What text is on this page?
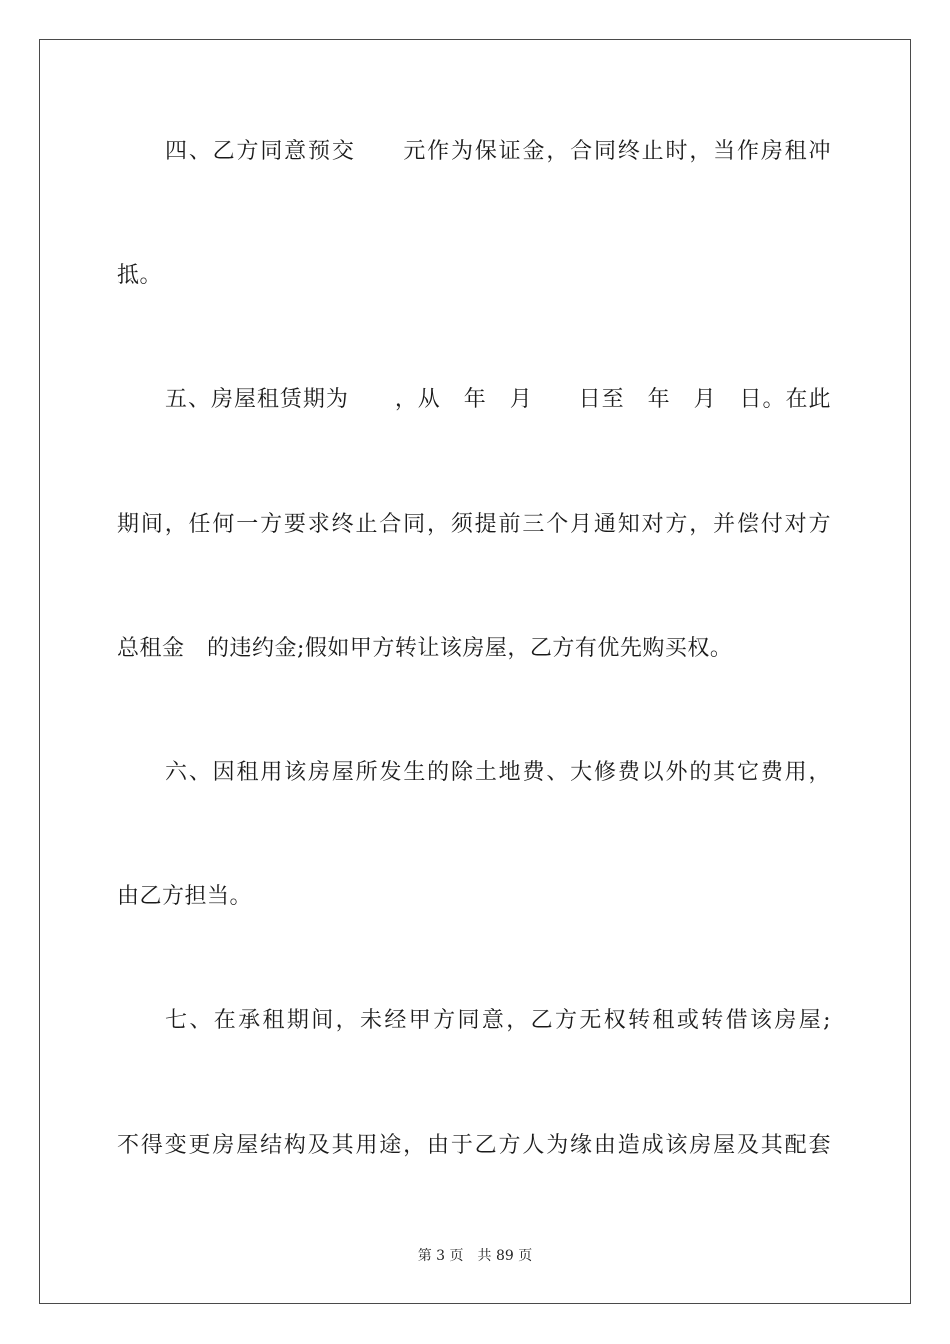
四、乙方同意预交　　元作为保证金，合同终止时，当作房租冲
抵。
五、房屋租赁期为　　，从　年　月　　日至　年　月　日。在此
期间，任何一方要求终止合同，须提前三个月通知对方，并偿付对方
总租金　的违约金;假如甲方转让该房屋，乙方有优先购买权。
六、因租用该房屋所发生的除土地费、大修费以外的其它费用，
由乙方担当。
七、在承租期间，未经甲方同意，乙方无权转租或转借该房屋;
不得变更房屋结构及其用途，由于乙方人为缘由造成该房屋及其配套
第 3 页　共 89 页
